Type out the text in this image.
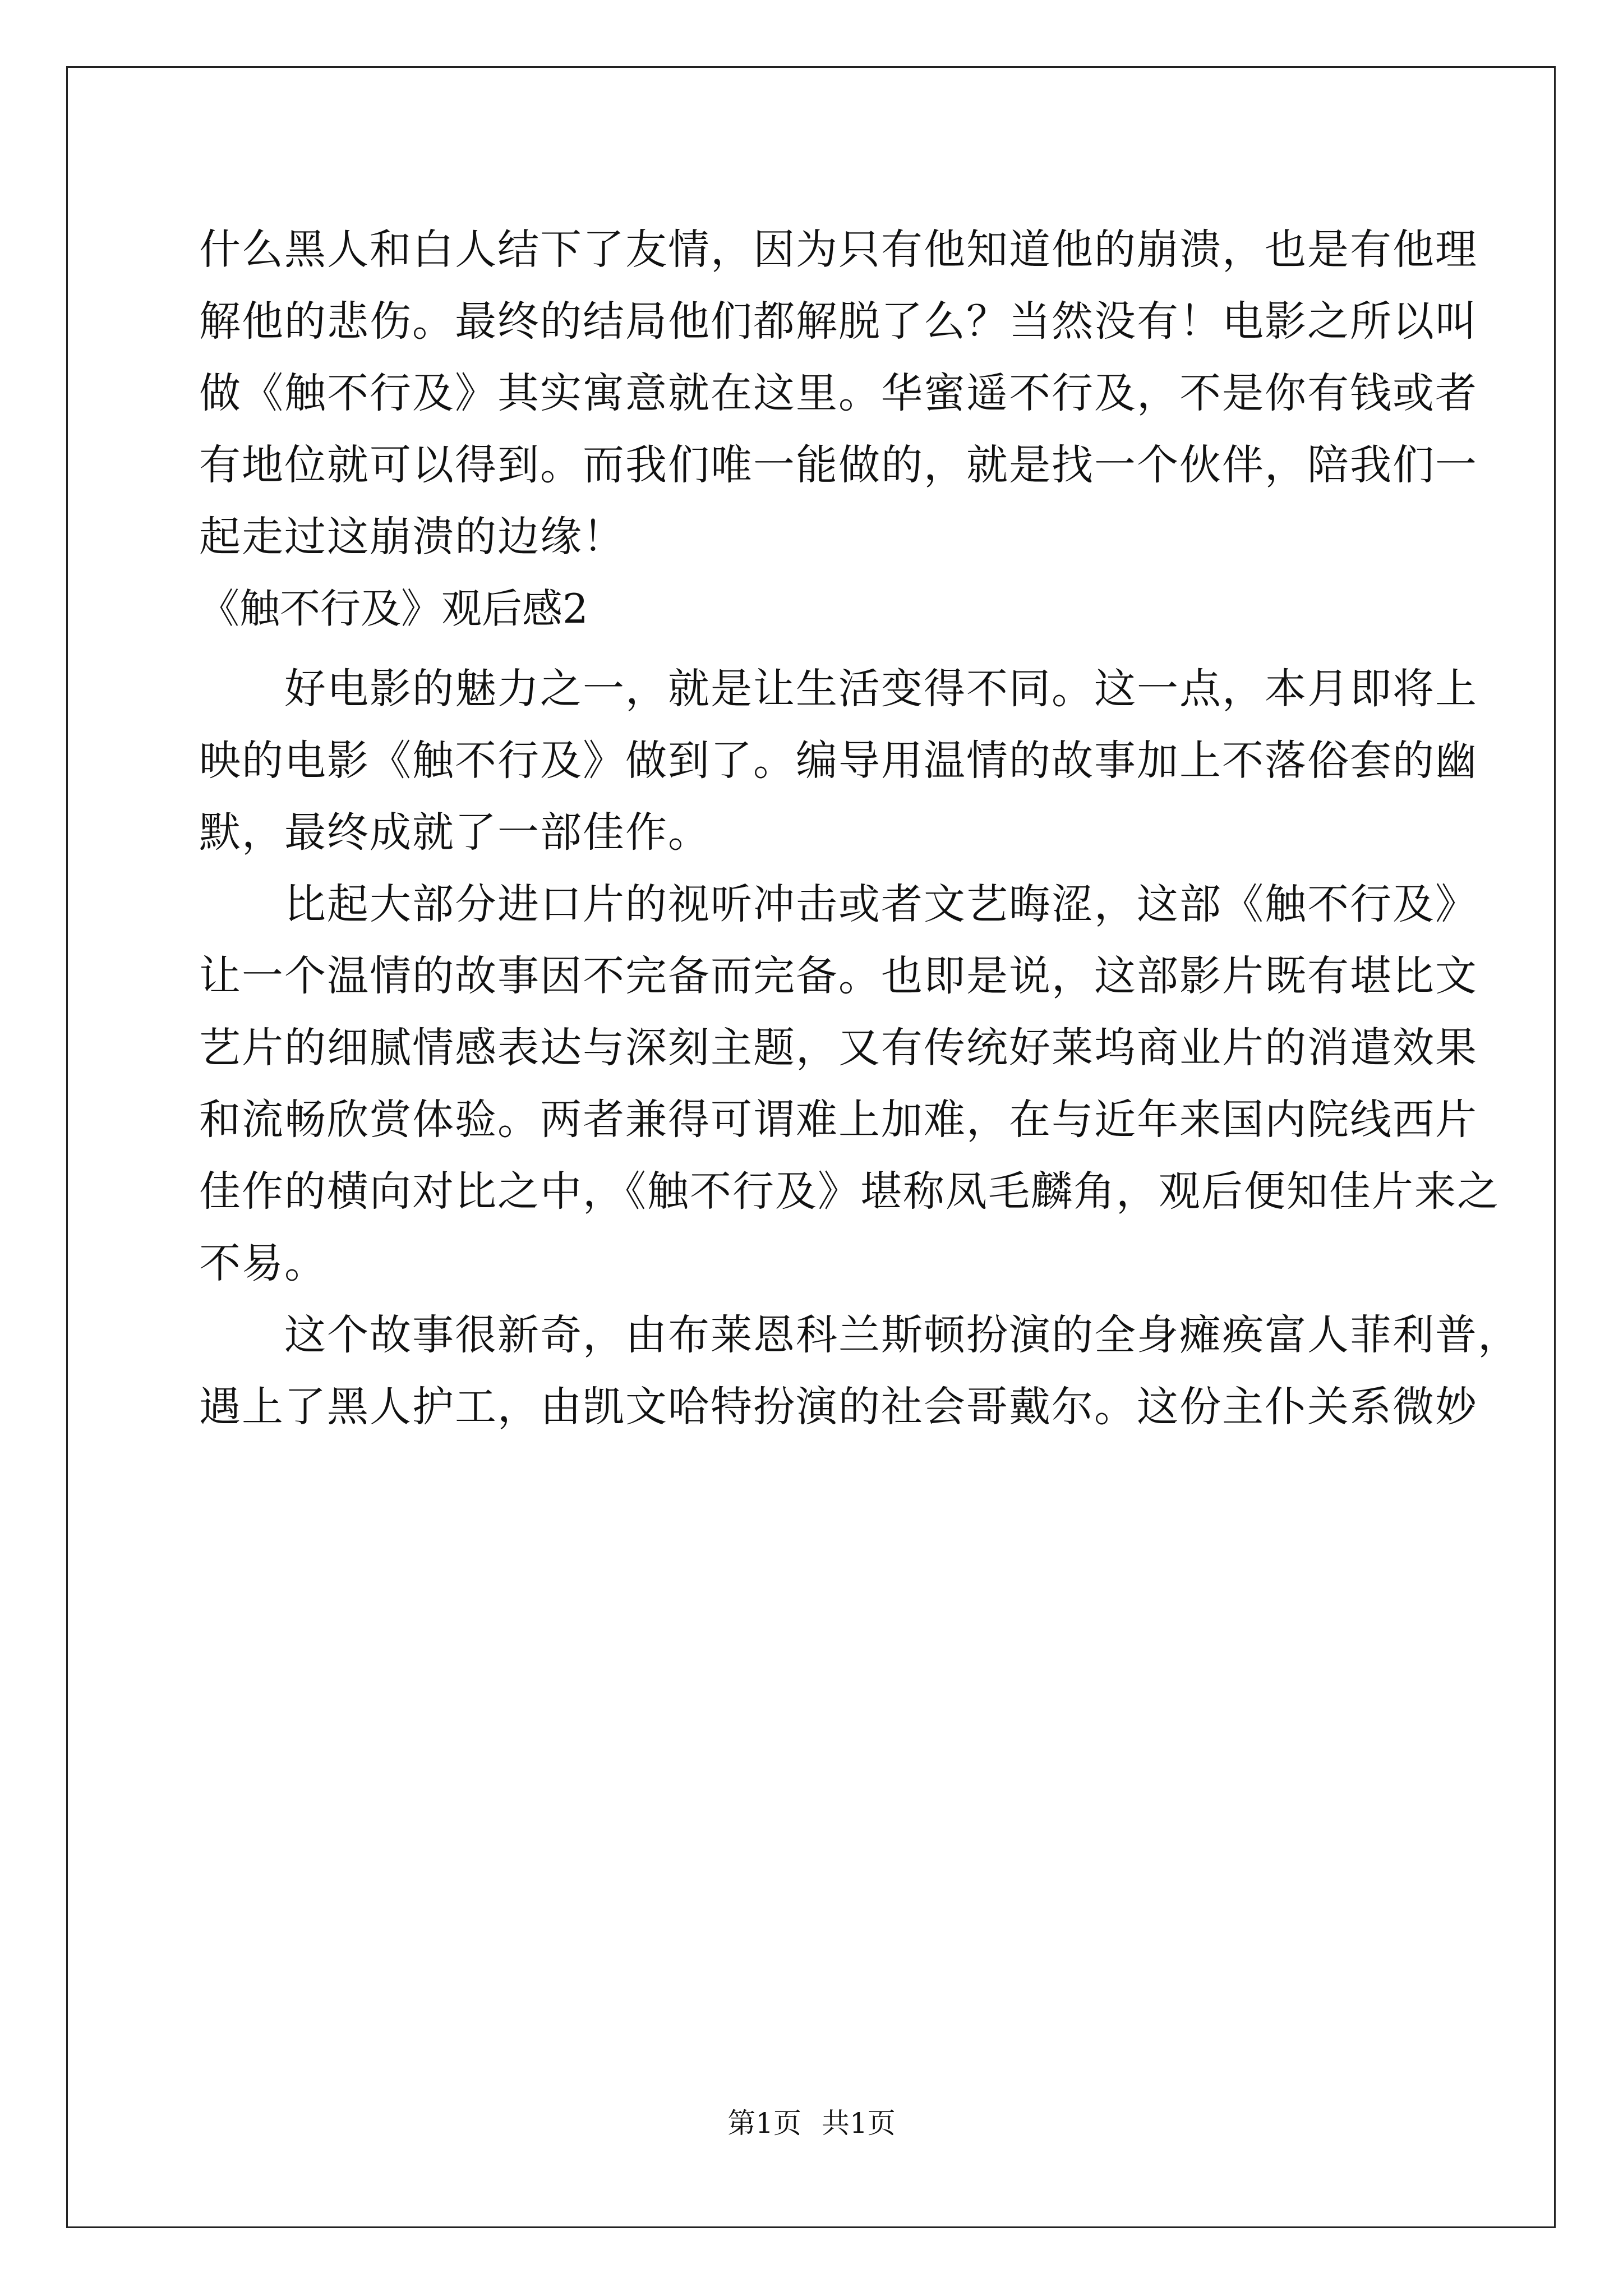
什么黑人和白人结下了友情，因为只有他知道他的崩溃，也是有他理
解他的悲伤。最终的结局他们都解脱了么？当然没有！电影之所以叫
做《触不行及》其实寓意就在这里。华蜜遥不行及，不是你有钱或者
有地位就可以得到。而我们唯一能做的，就是找一个伙伴，陪我们一
起走过这崩溃的边缘！
《触不行及》观后感2
好电影的魅力之一，就是让生活变得不同。这一点，本月即将上
映的电影《触不行及》做到了。编导用温情的故事加上不落俗套的幽
默，最终成就了一部佳作。
比起大部分进口片的视听冲击或者文艺晦涩，这部《触不行及》
让一个温情的故事因不完备而完备。也即是说，这部影片既有堪比文
艺片的细腻情感表达与深刻主题，又有传统好莱坞商业片的消遣效果
和流畅欣赏体验。两者兼得可谓难上加难，在与近年来国内院线西片
佳作的横向对比之中，《触不行及》堪称凤毛麟角，观后便知佳片来之
不易。
这个故事很新奇，由布莱恩科兰斯顿扮演的全身瘫痪富人菲利普，
遇上了黑人护工，由凯文哈特扮演的社会哥戴尔。这份主仆关系微妙
第1页 共1页
